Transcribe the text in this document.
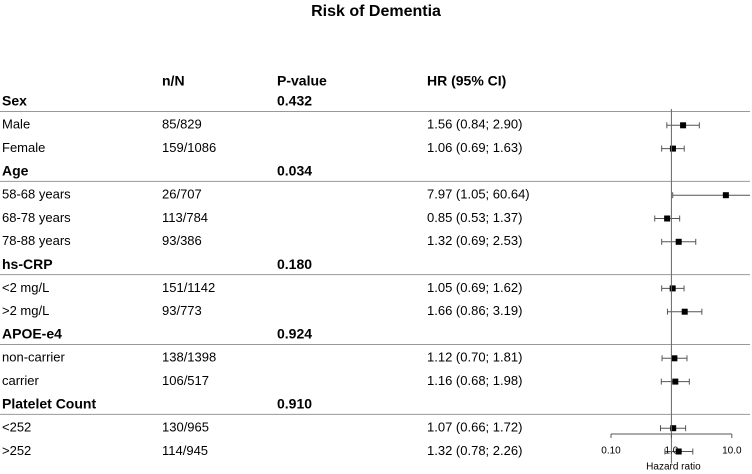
Risk of Dementia
n/N	P-value	HR (95% CI)
Sex	0.432
Male	85/829	1.56 (0.84; 2.90)
Female	159/1086	1.06 (0.69; 1.63)
Age	0.034
58-68 years	26/707	7.97 (1.05; 60.64)
68-78 years	113/784	0.85 (0.53; 1.37)
78-88 years	93/386	1.32 (0.69; 2.53)
hs-CRP	0.180
<2 mg/L	151/1142	1.05 (0.69; 1.62)
>2 mg/L	93/773	1.66 (0.86; 3.19)
APOE-e4	0.924
non-carrier	138/1398	1.12 (0.70; 1.81)
carrier	106/517	1.16 (0.68; 1.98)
Platelet Count	0.910
<252	130/965	1.07 (0.66; 1.72)
>252	114/945	1.32 (0.78; 2.26)	0.10	1.0	10.0
Hazard ratio
